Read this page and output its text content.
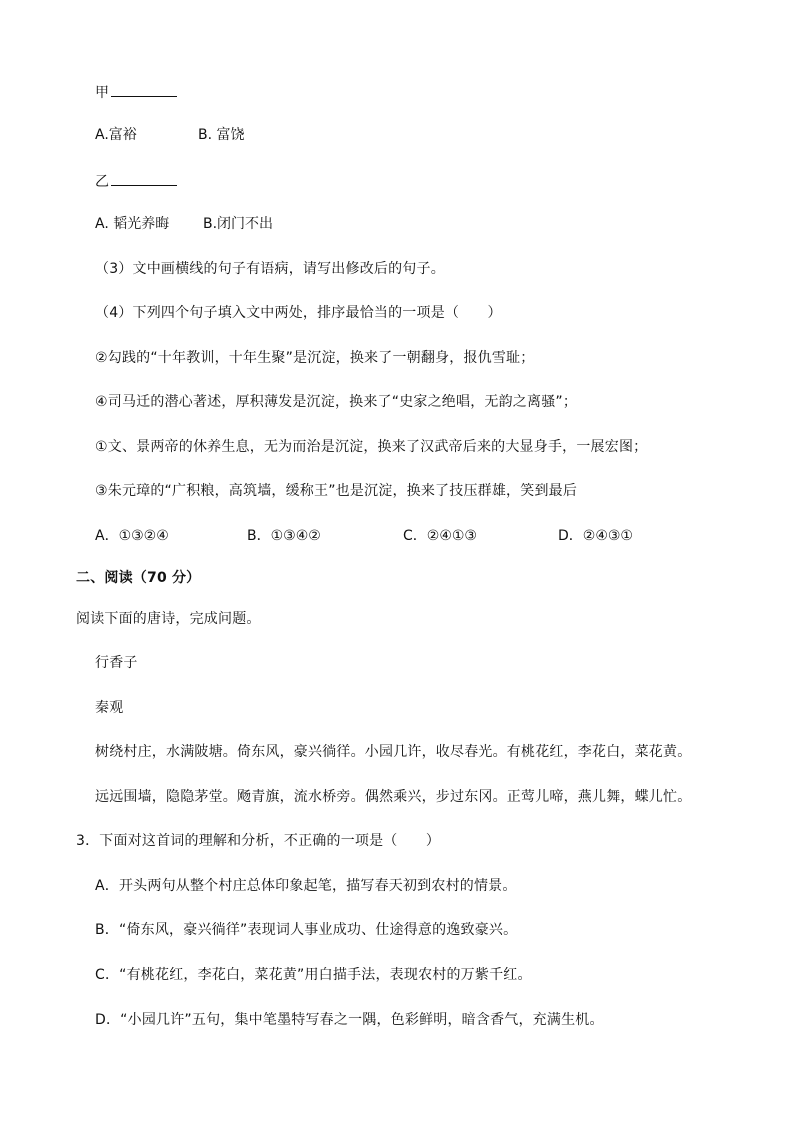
甲
A.富裕	B. 富饶
乙
A. 韬光养晦 B.闭门不出
（3）文中画横线的句子有语病，请写出修改后的句子。
（4）下列四个句子填入文中两处，排序最恰当的一项是（　　）
②勾践的“十年教训，十年生聚”是沉淀，换来了一朝翻身，报仇雪耻；
④司马迁的潜心著述，厚积薄发是沉淀，换来了“史家之绝唱，无韵之离骚”；
①文、景两帝的休养生息，无为而治是沉淀，换来了汉武帝后来的大显身手，一展宏图；
③朱元璋的“广积粮，高筑墙，缓称王”也是沉淀，换来了技压群雄，笑到最后
A．①③②④	B．①③④②	C．②④①③	D．②④③①
二、阅读（70 分）
阅读下面的唐诗，完成问题。
行香子
秦观
树绕村庄，水满陂塘。倚东风，豪兴徜徉。小园几许，收尽春光。有桃花红，李花白，菜花黄。
远远围墙，隐隐茅堂。飏青旗，流水桥旁。偶然乘兴，步过东冈。正莺儿啼，燕儿舞，蝶儿忙。
3．下面对这首词的理解和分析，不正确的一项是（　　）
A．开头两句从整个村庄总体印象起笔，描写春天初到农村的情景。
B．“倚东风，豪兴徜徉”表现词人事业成功、仕途得意的逸致豪兴。
C．“有桃花红，李花白，菜花黄”用白描手法，表现农村的万紫千红。
D．“小园几许”五句，集中笔墨特写春之一隅，色彩鲜明，暗含香气，充满生机。
